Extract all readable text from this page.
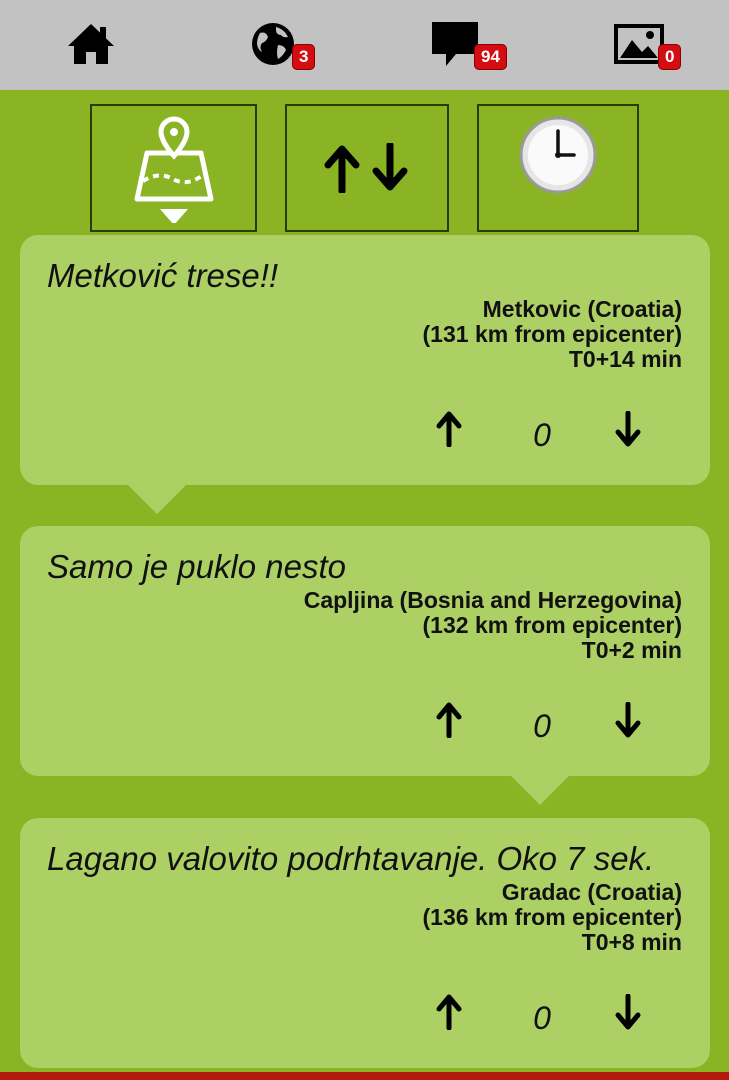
3	94	0
Metković trese!!
Metkovic (Croatia)
(131 km from epicenter)
T0+14 min
0
Samo je puklo nesto
Capljina (Bosnia and Herzegovina)
(132 km from epicenter)
T0+2 min
0
Lagano valovito podrhtavanje. Oko 7 sek.
Gradac (Croatia)
(136 km from epicenter)
T0+8 min
0
